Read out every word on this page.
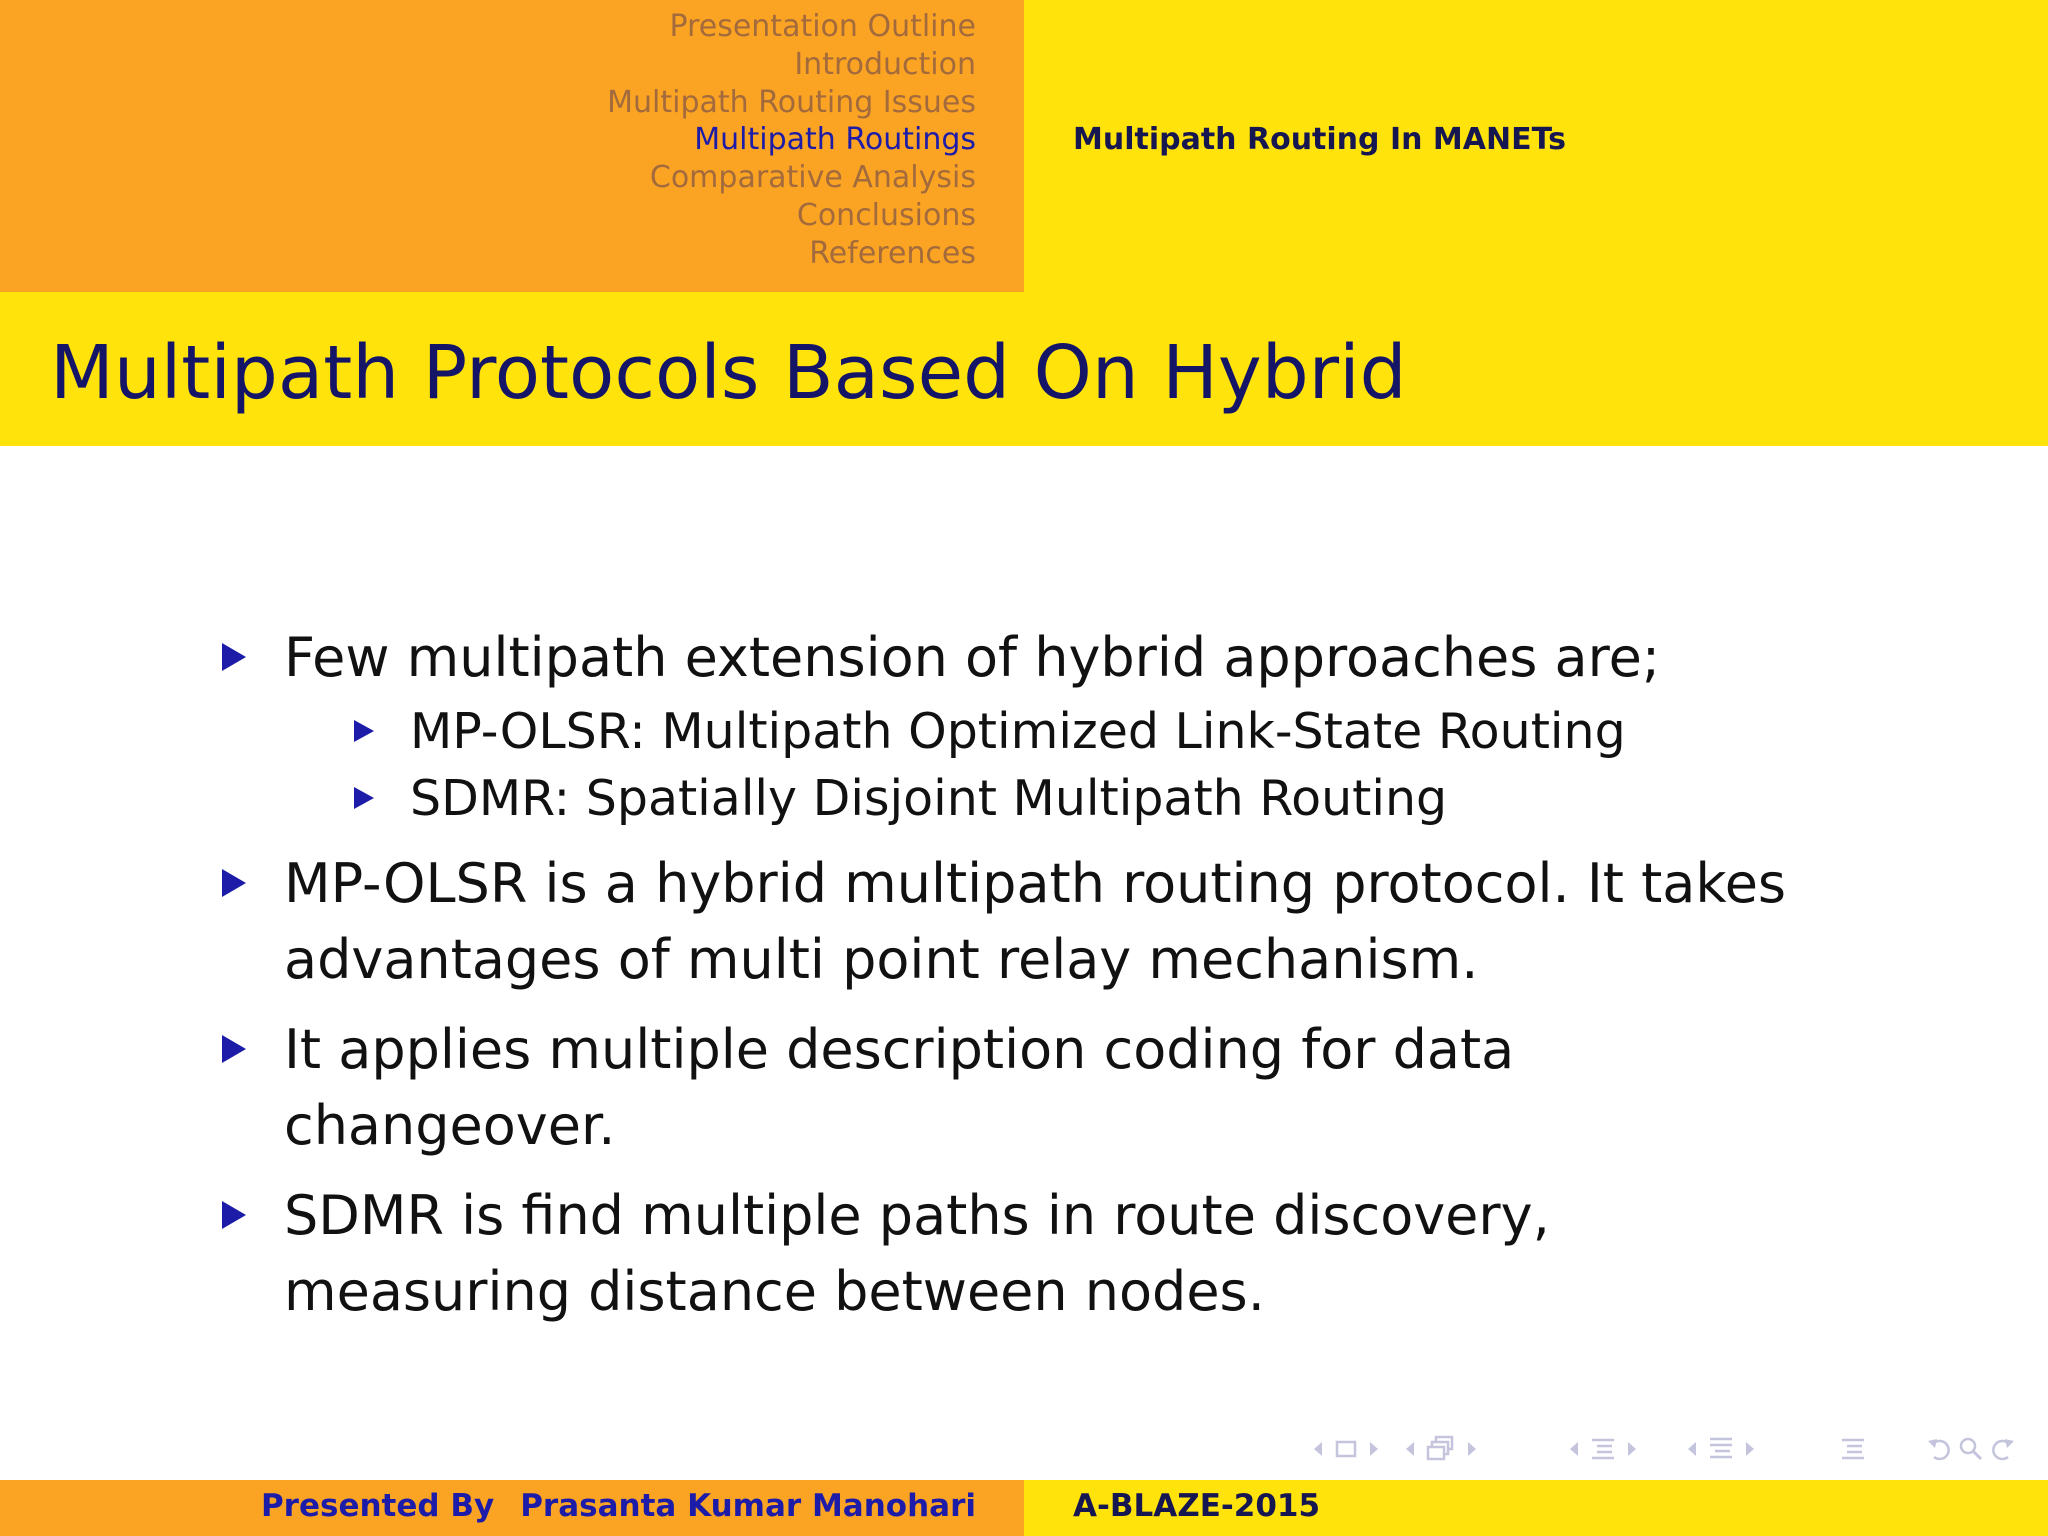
Presentation Outline
Introduction
Multipath Routing Issues
Multipath Routings
Comparative Analysis
Conclusions
References
Multipath Routing In MANETs
Multipath Protocols Based On Hybrid
Few multipath extension of hybrid approaches are;
MP-OLSR: Multipath Optimized Link-State Routing
SDMR: Spatially Disjoint Multipath Routing
MP-OLSR is a hybrid multipath routing protocol. It takes advantages of multi point relay mechanism.
It applies multiple description coding for data changeover.
SDMR is find multiple paths in route discovery, measuring distance between nodes.
Presented By Prasanta Kumar Manohari	A-BLAZE-2015
